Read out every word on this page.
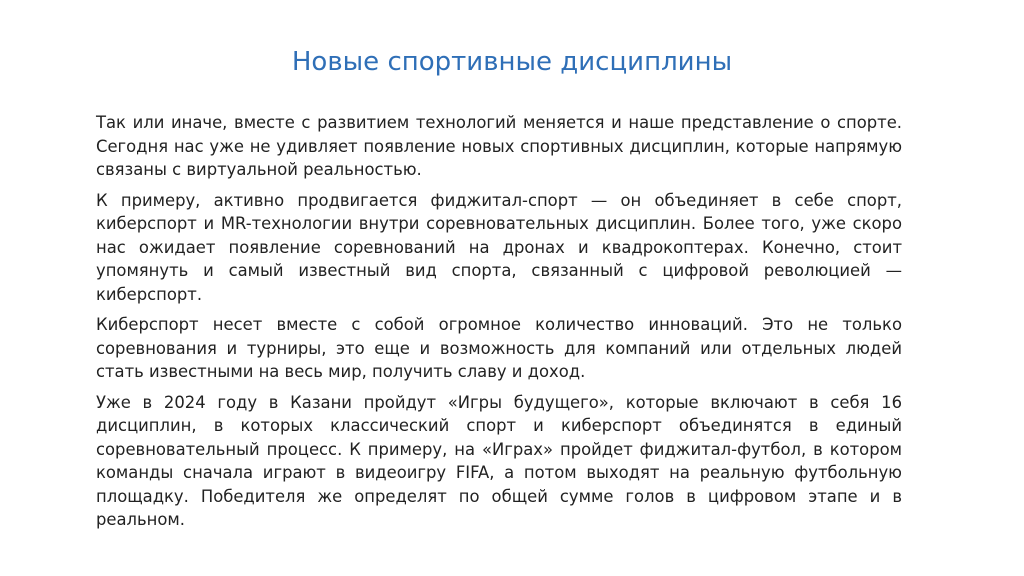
Новые спортивные дисциплины

Так или иначе, вместе с развитием технологий меняется и наше представление о спорте. Сегодня нас уже не удивляет появление новых спортивных дисциплин, которые напрямую связаны с виртуальной реальностью.

К примеру, активно продвигается фиджитал-спорт — он объединяет в себе спорт, киберспорт и MR-технологии внутри соревновательных дисциплин. Более того, уже скоро нас ожидает появление соревнований на дронах и квадрокоптерах. Конечно, стоит упомянуть и самый известный вид спорта, связанный с цифровой революцией — киберспорт.

Киберспорт несет вместе с собой огромное количество инноваций. Это не только соревнования и турниры, это еще и возможность для компаний или отдельных людей стать известными на весь мир, получить славу и доход.

Уже в 2024 году в Казани пройдут «Игры будущего», которые включают в себя 16 дисциплин, в которых классический спорт и киберспорт объединятся в единый соревновательный процесс. К примеру, на «Играх» пройдет фиджитал-футбол, в котором команды сначала играют в видеоигру FIFA, а потом выходят на реальную футбольную площадку. Победителя же определят по общей сумме голов в цифровом этапе и в реальном.
